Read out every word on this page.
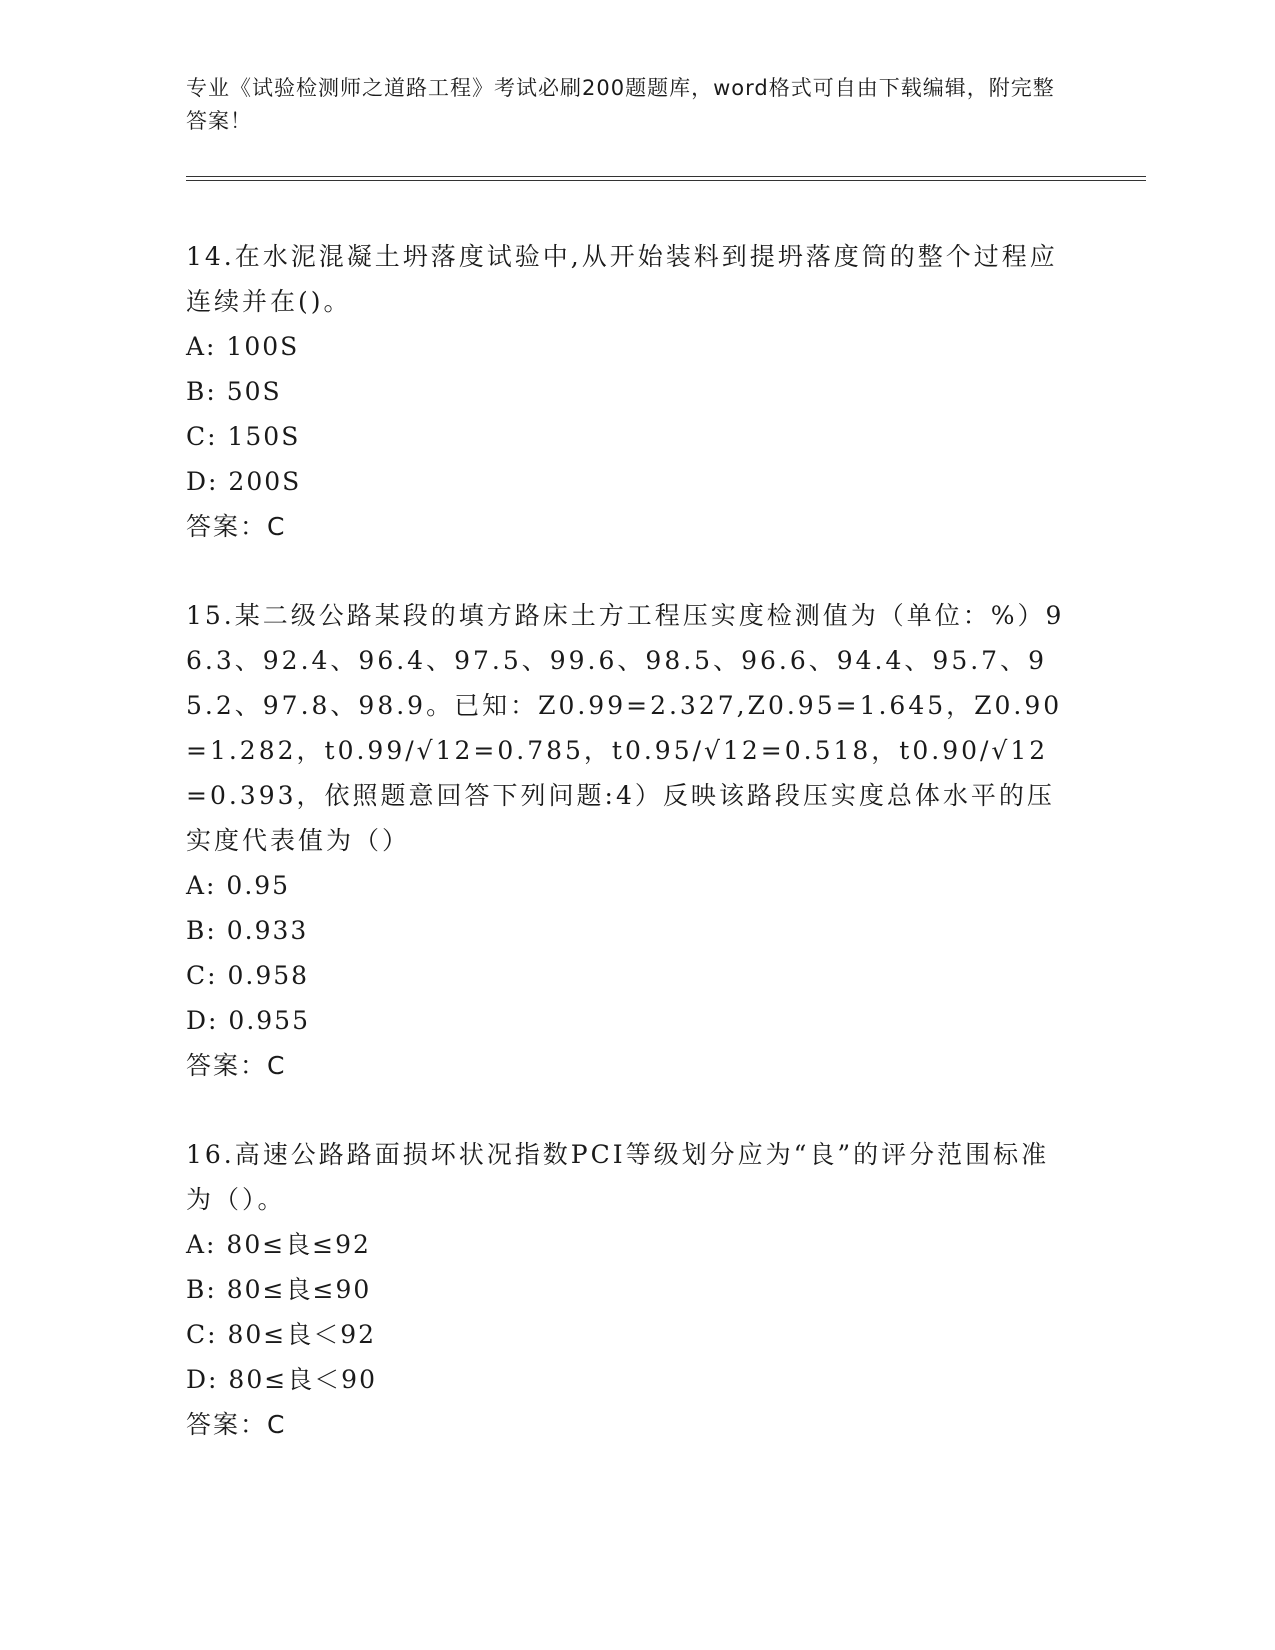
专业《试验检测师之道路工程》考试必刷200题题库，word格式可自由下载编辑，附完整答案！
14.在水泥混凝土坍落度试验中,从开始装料到提坍落度筒的整个过程应连续并在()。
A: 100S
B: 50S
C: 150S
D: 200S
答案：C
15.某二级公路某段的填方路床土方工程压实度检测值为（单位：%）96.3、92.4、96.4、97.5、99.6、98.5、96.6、94.4、95.7、95.2、97.8、98.9。已知：Z0.99=2.327,Z0.95=1.645，Z0.90=1.282，t0.99/√12=0.785，t0.95/√12=0.518，t0.90/√12=0.393，依照题意回答下列问题:4）反映该路段压实度总体水平的压实度代表值为（）
A: 0.95
B: 0.933
C: 0.958
D: 0.955
答案：C
16.高速公路路面损坏状况指数PCI等级划分应为“良”的评分范围标准为（）。
A: 80≤良≤92
B: 80≤良≤90
C: 80≤良＜92
D: 80≤良＜90
答案：C
